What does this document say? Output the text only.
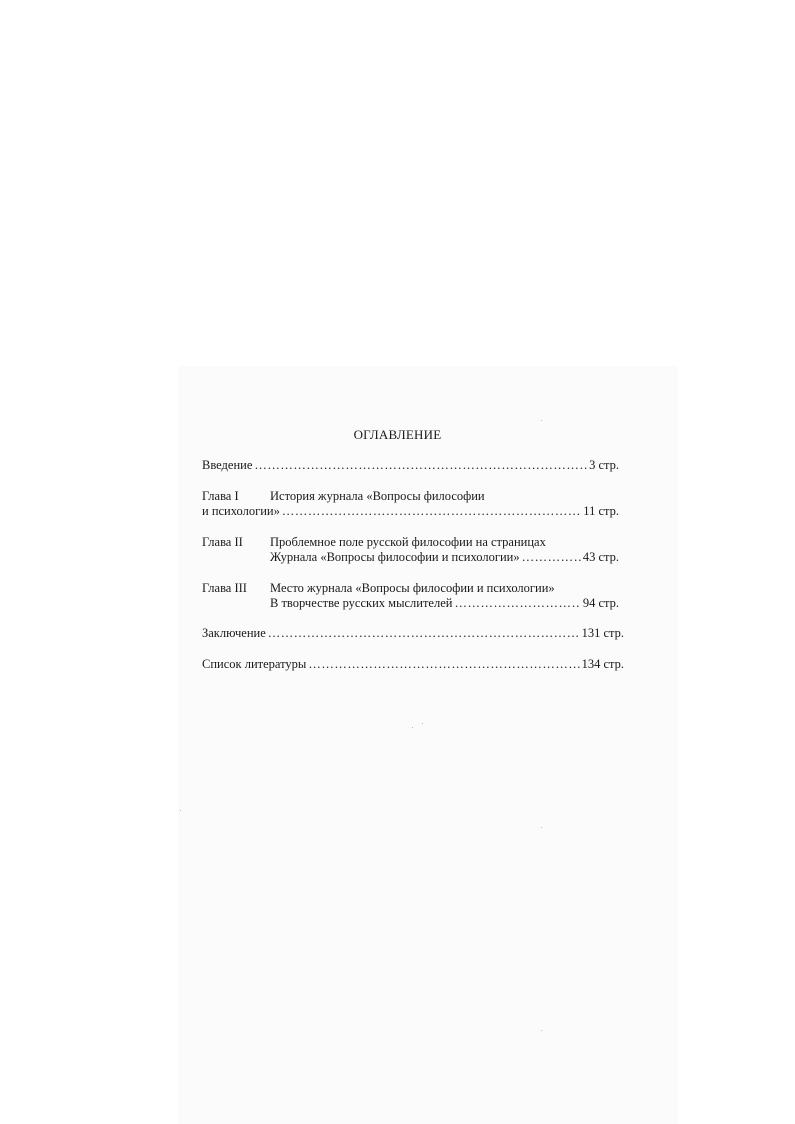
ОГЛАВЛЕНИЕ
Введение ………………………………………………………………………………………………………………………………………………	3 стр.
Глава I	История журнала «Вопросы философии
и психологии» ………………………………………………………………………………………………………………………………………………	11 стр.
Глава II Проблемное поле русской философии на страницах
Журнала «Вопросы философии и психологии» ………………………………………………………………………………………………………………………………………………	43 стр.
Глава III Место журнала «Вопросы философии и психологии»
В творчестве русских мыслителей ………………………………………………………………………………………………………………………………………………	94 стр.
Заключение ………………………………………………………………………………………………………………………………………………	131 стр.
Список литературы ………………………………………………………………………………………………………………………………………………	134 стр.
